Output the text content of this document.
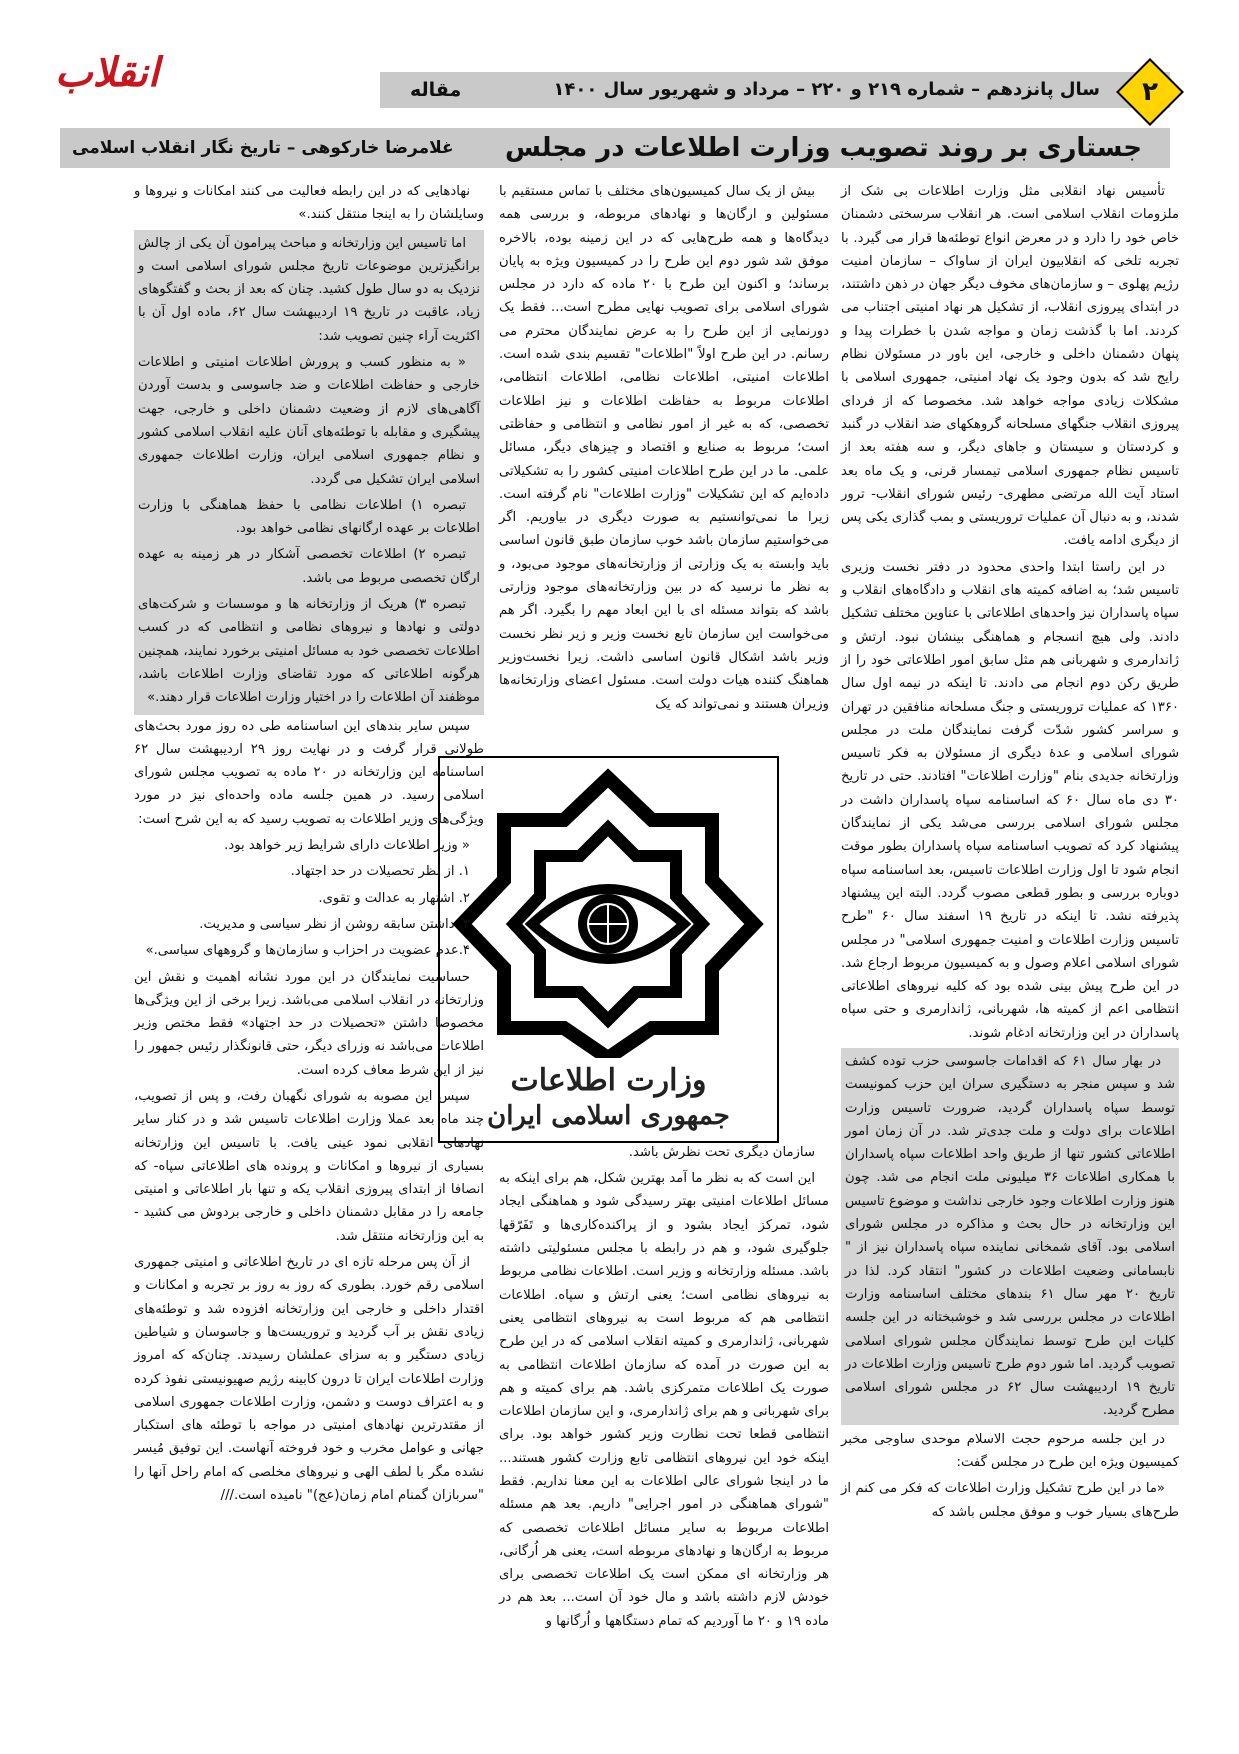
انقلاب	سال پانزدهم – شماره ۲۱۹ و ۲۲۰ – مرداد و شهریور سال ۱۴۰۰
مقاله	۲
جستاری بر روند تصویب وزارت اطلاعات در مجلس
غلامرضا خارکوهی – تاریخ نگار انقلاب اسلامی

تأسیس نهاد انقلابی مثل وزارت اطلاعات بی شک از ملزومات انقلاب اسلامی است. هر انقلاب سرسختی دشمنان خاص خود را دارد و در معرض انواع توطئه‌ها قرار می گیرد. با تجربه تلخی که انقلابیون ایران از ساواک – سازمان امنیت رژیم پهلوی – و سازمان‌های مخوف دیگر جهان در ذهن داشتند، در ابتدای پیروزی انقلاب، از تشکیل هر نهاد امنیتی اجتناب می کردند. اما با گذشت زمان و مواجه شدن با خطرات پیدا و پنهان دشمنان داخلی و خارجی، این باور در مسئولان نظام رایج شد که بدون وجود یک نهاد امنیتی، جمهوری اسلامی با مشکلات زیادی مواجه خواهد شد. مخصوصا که از فردای پیروزی انقلاب جنگهای مسلحانه گروهکهای ضد انقلاب در گنبد و کردستان و سیستان و جاهای دیگر، و سه هفته بعد از تاسیس نظام جمهوری اسلامی تیمسار قرنی، و یک ماه بعد استاد آیت الله مرتضی مطهری- رئیس شورای انقلاب- ترور شدند، و به دنبال آن عملیات تروریستی و بمب گذاری یکی پس از دیگری ادامه یافت.

در این راستا ابتدا واحدی محدود در دفتر نخست وزیری تاسیس شد؛ به اضافه کمیته های انقلاب و دادگاه‌های انقلاب و سپاه پاسداران نیز واحدهای اطلاعاتی با عناوین مختلف تشکیل دادند. ولی هیچ انسجام و هماهنگی بینشان نبود. ارتش و ژاندارمری و شهربانی هم مثل سابق امور اطلاعاتی خود را از طریق رکن دوم انجام می دادند. تا اینکه در نیمه اول سال ۱۳۶۰ که عملیات تروریستی و جنگ مسلحانه منافقین در تهران و سراسر کشور شدّت گرفت نمایندگان ملت در مجلس شورای اسلامی و عدۀ دیگری از مسئولان به فکر تاسیس وزارتخانه جدیدی بنام "وزارت اطلاعات" افتادند. حتی در تاریخ ۳۰ دی ماه سال ۶۰ که اساسنامه سپاه پاسداران داشت در مجلس شورای اسلامی بررسی می‌شد یکی از نمایندگان پیشنهاد کرد که تصویب اساسنامه سپاه پاسداران بطور موقت انجام شود تا اول وزارت اطلاعات تاسیس، بعد اساسنامه سپاه دوباره بررسی و بطور قطعی مصوب گردد. البته این پیشنهاد پذیرفته نشد. تا اینکه در تاریخ ۱۹ اسفند سال ۶۰ "طرح تاسیس وزارت اطلاعات و امنیت جمهوری اسلامی" در مجلس شورای اسلامی اعلام وصول و به کمیسیون مربوط ارجاع شد. در این طرح پیش بینی شده بود که کلیه نیروهای اطلاعاتی انتظامی اعم از کمیته ها، شهربانی، ژاندارمری و حتی سپاه پاسداران در این وزارتخانه ادغام شوند.

در بهار سال ۶۱ که اقدامات جاسوسی حزب توده کشف شد و سپس منجر به دستگیری سران این حزب کمونیست توسط سپاه پاسداران گردید، ضرورت تاسیس وزارت اطلاعات برای دولت و ملت جدی‌تر شد. در آن زمان امور اطلاعاتی کشور تنها از طریق واحد اطلاعات سپاه پاسداران با همکاری اطلاعات ۳۶ میلیونی ملت انجام می شد. چون هنوز وزارت اطلاعات وجود خارجی نداشت و موضوع تاسیس این وزارتخانه در حال بحث و مذاکره در مجلس شورای اسلامی بود. آقای شمخانی نماینده سپاه پاسداران نیز از " نابسامانی وضعیت اطلاعات در کشور" انتقاد کرد. لذا در تاریخ ۲۰ مهر سال ۶۱ بندهای مختلف اساسنامه وزارت اطلاعات در مجلس بررسی شد و خوشبختانه در این جلسه کلیات این طرح توسط نمایندگان مجلس شورای اسلامی تصویب گردید. اما شور دوم طرح تاسیس وزارت اطلاعات در تاریخ ۱۹ اردیبهشت سال ۶۲ در مجلس شورای اسلامی مطرح گردید.

در این جلسه مرحوم حجت الاسلام موحدی ساوجی مخبر کمیسیون ویژه این طرح در مجلس گفت:

«ما در این طرح تشکیل وزارت اطلاعات که فکر می کنم از طرح‌های بسیار خوب و موفق مجلس باشد که

بیش از یک سال کمیسیون‌های مختلف با تماس مستقیم با مسئولین و ارگان‌ها و نهادهای مربوطه، و بررسی همه دیدگاه‌ها و همه طرح‌هایی که در این زمینه بوده، بالاخره موفق شد شور دوم این طرح را در کمیسیون ویژه به پایان برساند؛ و اکنون این طرح با ۲۰ ماده که دارد در مجلس شورای اسلامی برای تصویب نهایی مطرح است... فقط یک دورنمایی از این طرح را به عرض نمایندگان محترم می رسانم. در این طرح اولاً "اطلاعات" تقسیم بندی شده است. اطلاعات امنیتی، اطلاعات نظامی، اطلاعات انتظامی، اطلاعات مربوط به حفاظت اطلاعات و نیز اطلاعات تخصصی، که به غیر از امور نظامی و انتظامی و حفاظتی است؛ مربوط به صنایع و اقتصاد و چیزهای دیگر، مسائل علمی. ما در این طرح اطلاعات امنیتی کشور را به تشکیلاتی داده‌ایم که این تشکیلات "وزارت اطلاعات" نام گرفته است. زیرا ما نمی‌توانستیم به صورت دیگری در بیاوریم. اگر می‌خواستیم سازمان باشد خوب سازمان طبق قانون اساسی باید وابسته به یک وزارتی از وزارتخانه‌های موجود می‌بود، و به نظر ما نرسید که در بین وزارتخانه‌های موجود وزارتی باشد که بتواند مسئله ای با این ابعاد مهم را بگیرد. اگر هم می‌خواست این سازمان تابع نخست وزیر و زیر نظر نخست وزیر باشد اشکال قانون اساسی داشت. زیرا نخست‌وزیر هماهنگ کننده هیات دولت است. مسئول اعضای وزارتخانه‌ها وزیران هستند و نمی‌تواند که یک

سازمان دیگری تحت نظرش باشد.

این است که به نظر ما آمد بهترین شکل، هم برای اینکه به مسائل اطلاعات امنیتی بهتر رسیدگی شود و هماهنگی ایجاد شود، تمرکز ایجاد بشود و از پراکنده‌کاری‌ها و تَفَرّقها جلوگیری شود، و هم در رابطه با مجلس مسئولیتی داشته باشد. مسئله وزارتخانه و وزیر است. اطلاعات نظامی مربوط به نیروهای نظامی است؛ یعنی ارتش و سپاه. اطلاعات انتظامی هم که مربوط است به نیروهای انتظامی یعنی شهربانی، ژاندارمری و کمیته انقلاب اسلامی که در این طرح به این صورت در آمده که سازمان اطلاعات انتظامی به صورت یک اطلاعات متمرکزی باشد. هم برای کمیته و هم برای شهربانی و هم برای ژاندارمری، و این سازمان اطلاعات انتظامی قطعا تحت نظارت وزیر کشور خواهد بود. برای اینکه خود این نیروهای انتظامی تابع وزارت کشور هستند... ما در اینجا شورای عالی اطلاعات به این معنا نداریم. فقط "شورای هماهنگی در امور اجرایی" داریم. بعد هم مسئله اطلاعات مربوط به سایر مسائل اطلاعات تخصصی که مربوط به ارگان‌ها و نهادهای مربوطه است، یعنی هر اُرگانی، هر وزارتخانه ای ممکن است یک اطلاعات تخصصی برای خودش لازم داشته باشد و مال خود آن است... بعد هم در ماده ۱۹ و ۲۰ ما آوردیم که تمام دستگاهها و اُرگانها و

وزارت اطلاعات
جمهوری اسلامی ایران

نهادهایی که در این رابطه فعالیت می کنند امکانات و نیروها و وسایلشان را به اینجا منتقل کنند.»

اما تاسیس این وزارتخانه و مباحث پیرامون آن یکی از چالش برانگیزترین موضوعات تاریخ مجلس شورای اسلامی است و نزدیک به دو سال طول کشید. چنان که بعد از بحث و گفتگوهای زیاد، عاقبت در تاریخ ۱۹ اردیبهشت سال ۶۲، ماده اول آن با اکثریت آراء چنین تصویب شد:

« به منظور کسب و پرورش اطلاعات امنیتی و اطلاعات خارجی و حفاظت اطلاعات و ضد جاسوسی و بدست آوردن آگاهی‌های لازم از وضعیت دشمنان داخلی و خارجی، جهت پیشگیری و مقابله با توطئه‌های آنان علیه انقلاب اسلامی کشور و نظام جمهوری اسلامی ایران، وزارت اطلاعات جمهوری اسلامی ایران تشکیل می گردد.

تبصره ۱) اطلاعات نظامی با حفظ هماهنگی با وزارت اطلاعات بر عهده ارگانهای نظامی خواهد بود.

تبصره ۲) اطلاعات تخصصی آشکار در هر زمینه به عهده ارگان تخصصی مربوط می باشد.

تبصره ۳) هریک از وزارتخانه ها و موسسات و شرکت‌های دولتی و نهادها و نیروهای نظامی و انتظامی که در کسب اطلاعات تخصصی خود به مسائل امنیتی برخورد نمایند، همچنین هرگونه اطلاعاتی که مورد تقاضای وزارت اطلاعات باشد، موظفند آن اطلاعات را در اختیار وزارت اطلاعات قرار دهند.»

سپس سایر بندهای این اساسنامه طی ده روز مورد بحث‌های طولانی قرار گرفت و در نهایت روز ۲۹ اردیبهشت سال ۶۲ اساسنامه این وزارتخانه در ۲۰ ماده به تصویب مجلس شورای اسلامی رسید. در همین جلسه ماده واحده‌ای نیز در مورد ویژگی‌های وزیر اطلاعات به تصویب رسید که به این شرح است:

« وزیر اطلاعات دارای شرایط زیر خواهد بود.

۱. از نظر تحصیلات در حد اجتهاد.

۲. اشتهار به عدالت و تقوی.

۳. داشتن سابقه روشن از نظر سیاسی و مدیریت.

۴.عدم عضویت در احزاب و سازمان‌ها و گروههای سیاسی.»

حساسیت نمایندگان در این مورد نشانه اهمیت و نقش این وزارتخانه در انقلاب اسلامی می‌باشد. زیرا برخی از این ویژگی‌ها مخصوصا داشتن «تحصیلات در حد اجتهاد» فقط مختص وزیر اطلاعات می‌باشد نه وزرای دیگر، حتی قانونگذار رئیس جمهور را نیز از این شرط معاف کرده است.

سپس این مصوبه به شورای نگهبان رفت، و پس از تصویب، چند ماه بعد عملا وزارت اطلاعات تاسیس شد و در کنار سایر نهادهای انقلابی نمود عینی یافت. با تاسیس این وزارتخانه بسیاری از نیروها و امکانات و پرونده های اطلاعاتی سپاه- که انصافا از ابتدای پیروزی انقلاب یکه و تنها بار اطلاعاتی و امنیتی جامعه را در مقابل دشمنان داخلی و خارجی بردوش می کشید - به این وزارتخانه منتقل شد.

از آن پس مرحله تازه ای در تاریخ اطلاعاتی و امنیتی جمهوری اسلامی رقم خورد. بطوری که روز به روز بر تجربه و امکانات و اقتدار داخلی و خارجی این وزارتخانه افزوده شد و توطئه‌های زیادی نقش بر آب گردید و تروریست‌ها و جاسوسان و شیاطین زیادی دستگیر و به سزای عملشان رسیدند. چنان‌که که امروز وزارت اطلاعات ایران تا درون کابینه رژیم صهیونیستی نفوذ کرده و به اعتراف دوست و دشمن، وزارت اطلاعات جمهوری اسلامی از مقتدرترین نهادهای امنیتی در مواجه با توطئه های استکبار جهانی و عوامل مخرب و خود فروخته آنهاست. این توفیق مُیسر نشده مگر با لطف الهی و نیروهای مخلصی که امام راحل آنها را "سربازان گمنام امام زمان(عج)" نامیده است.///
